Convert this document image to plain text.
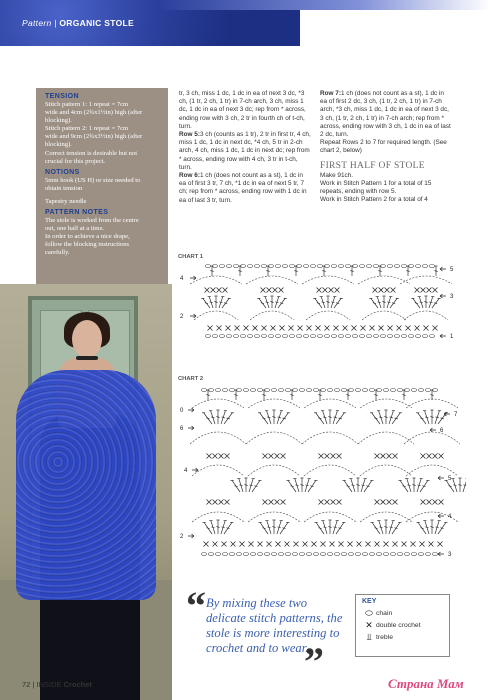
Pattern | ORGANIC STOLE
TENSION
Stitch pattern 1: 1 repeat = 7cm
wide and 4cm (2¾x1½in) high (after
blocking).
Stitch pattern 2: 1 repeat = 7cm
wide and 9cm (2¾x3½in) high (after
blocking).
Correct tension is desirable but not
crucial for this project.
NOTIONS
5mm hook (US H) or size needed to
obtain tension
Tapestry needle
PATTERN NOTES
The stole is worked from the centre
out, one half at a time.
In order to achieve a nice drape,
follow the blocking instructions
carefully.

tr, 3 ch, miss 1 dc, 1 dc in ea of next 3 dc, *3 ch, (1 tr, 2 ch, 1 tr) in 7-ch arch, 3 ch, miss 1 dc, 1 dc in ea of next 3 dc; rep from * across, ending row with 3 ch, 2 tr in fourth ch of t-ch, turn.

Row 5:3 ch (counts as 1 tr), 2 tr in first tr, 4 ch, miss 1 dc, 1 dc in next dc, *4 ch, 5 tr in 2-ch arch, 4 ch, miss 1 dc, 1 dc in next dc; rep from * across, ending row with 4 ch, 3 tr in t-ch, turn.

Row 6:1 ch (does not count as a st), 1 dc in ea of first 3 tr, 7 ch, *1 dc in ea of next 5 tr, 7 ch; rep from * across, ending row with 1 dc in ea of last 3 tr, turn.

Row 7:1 ch (does not count as a st), 1 dc in ea of first 2 dc, 3 ch, (1 tr, 2 ch, 1 tr) in 7-ch arch, *3 ch, miss 1 dc, 1 dc in ea of next 3 dc, 3 ch, (1 tr, 2 ch, 1 tr) in 7-ch arch; rep from * across, ending row with 3 ch, 1 dc in ea of last 2 dc, turn.

Repeat Rows 2 to 7 for required length. (See chart 2, below)

FIRST HALF OF STOLE

Make 91ch.

Work in Stitch Pattern 1 for a total of 15 repeats, ending with row 5.

Work in Stitch Pattern 2 for a total of 4

CHART 1
CHART 2
5
4
3
2
1
7
6
5
4
3
0
6
4
2
“ By mixing these two delicate stitch patterns, the stole is more interesting to crochet and to wear.

”
KEY
⬭ chain
✕ double crochet
⫫ treble
72 | INSIDE Crochet	Страна Мам
